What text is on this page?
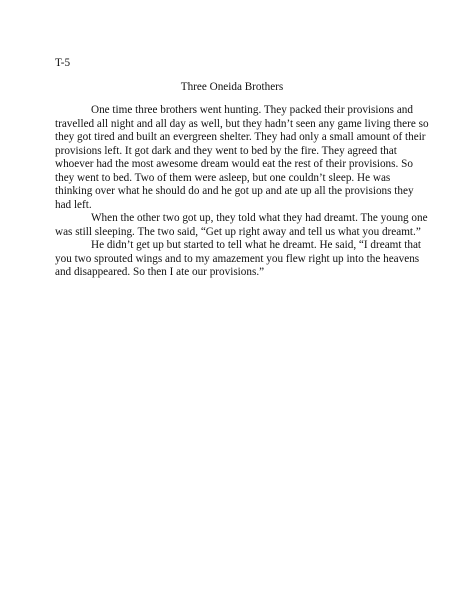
T-5

Three Oneida Brothers
One time three brothers went hunting. They packed their provisions and
travelled all night and all day as well, but they hadn’t seen any game living there so
they got tired and built an evergreen shelter. They had only a small amount of their
provisions left. It got dark and they went to bed by the fire. They agreed that
whoever had the most awesome dream would eat the rest of their provisions. So
they went to bed. Two of them were asleep, but one couldn’t sleep. He was
thinking over what he should do and he got up and ate up all the provisions they
had left.
When the other two got up, they told what they had dreamt. The young one
was still sleeping. The two said, “Get up right away and tell us what you dreamt.”
He didn’t get up but started to tell what he dreamt. He said, “I dreamt that
you two sprouted wings and to my amazement you flew right up into the heavens
and disappeared. So then I ate our provisions.”
